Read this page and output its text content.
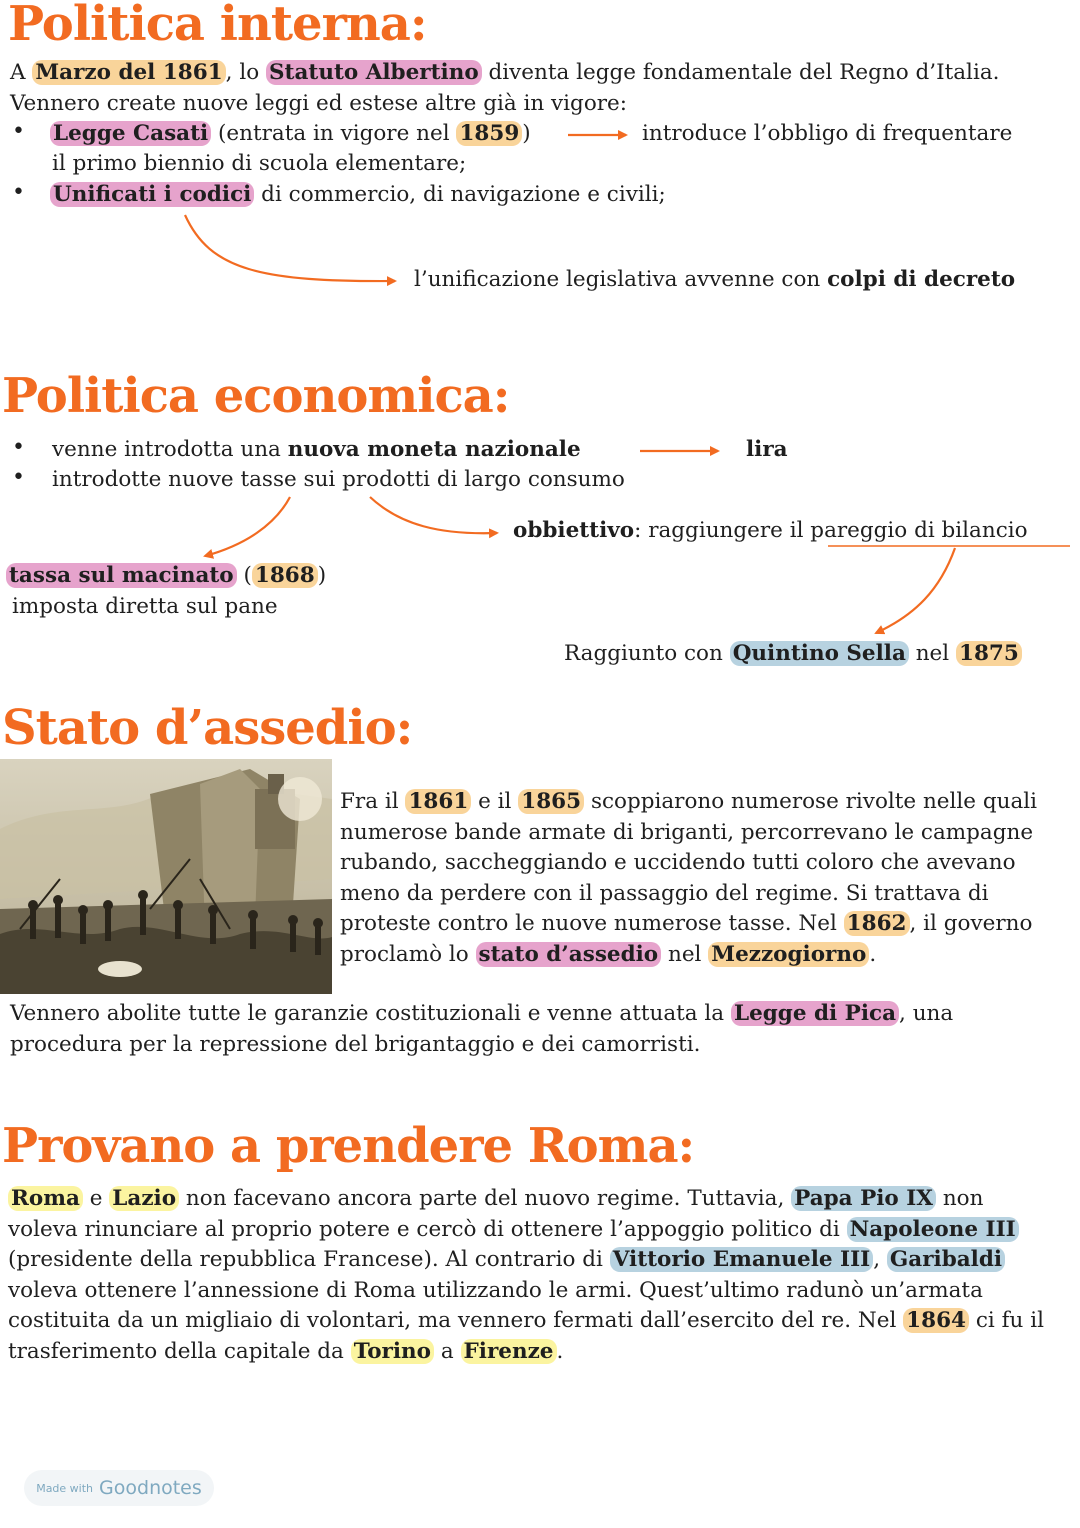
Politica interna:
A Marzo del 1861 , lo Statuto Albertino diventa legge fondamentale del Regno d’Italia. Vennero create nuove leggi ed estese altre già in vigore:
• Legge Casati (entrata in vigore nel 1859 )	introduce l’obbligo di frequentare
il primo biennio di scuola elementare;
• Unificati i codici di commercio, di navigazione e civili;
l’unificazione legislativa avvenne con colpi di decreto
Politica economica:
• venne introdotta una nuova moneta nazionale	lira
• introdotte nuove tasse sui prodotti di largo consumo
obbiettivo: raggiungere il pareggio di bilancio
tassa sul macinato ( 1868 )
imposta diretta sul pane
Raggiunto con Quintino Sella nel 1875
Stato d’assedio:
Fra il 1861 e il 1865 scoppiarono numerose rivolte nelle quali numerose bande armate di briganti, percorrevano le campagne rubando, saccheggiando e uccidendo tutti coloro che avevano meno da perdere con il passaggio del regime. Si trattava di proteste contro le nuove numerose tasse. Nel 1862 , il governo proclamò lo stato d’assedio nel Mezzogiorno .
Vennero abolite tutte le garanzie costituzionali e venne attuata la Legge di Pica , una procedura per la repressione del brigantaggio e dei camorristi.
Provano a prendere Roma:
Roma e Lazio non facevano ancora parte del nuovo regime. Tuttavia, Papa Pio IX non voleva rinunciare al proprio potere e cercò di ottenere l’appoggio politico di Napoleone III (presidente della repubblica Francese). Al contrario di Vittorio Emanuele III , Garibaldi voleva ottenere l’annessione di Roma utilizzando le armi. Quest’ultimo radunò un’armata costituita da un migliaio di volontari, ma vennero fermati dall’esercito del re. Nel 1864 ci fu il trasferimento della capitale da Torino a Firenze .
Made with Goodnotes
